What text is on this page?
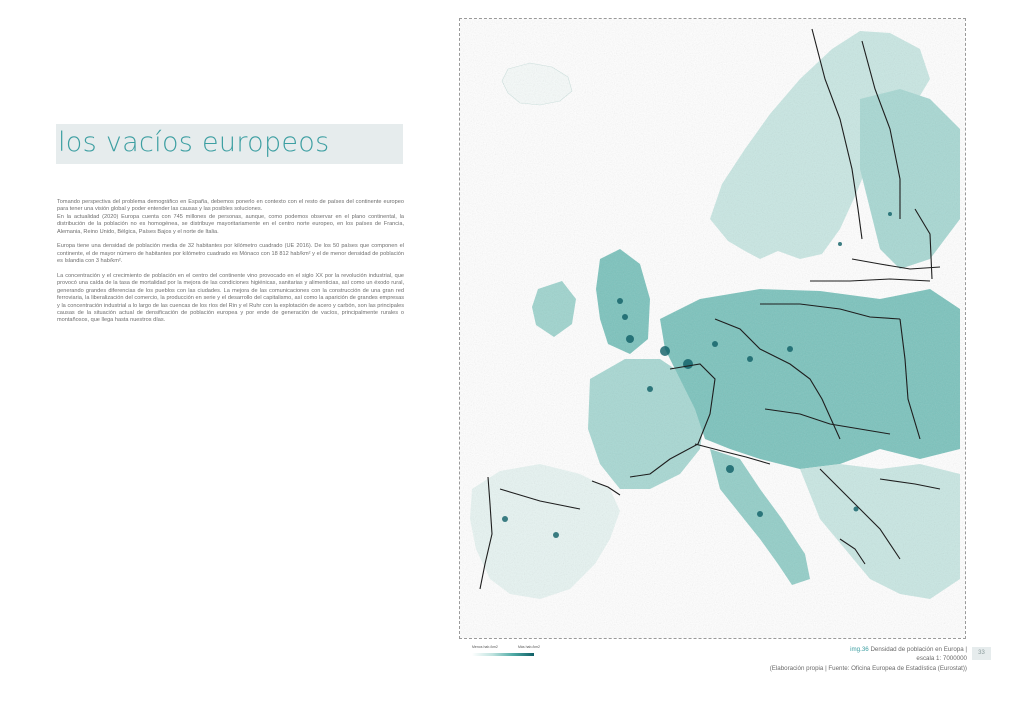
los vacíos europeos

Tomando perspectiva del problema demográfico en España, debemos ponerlo en contexto con el resto de países del continente europeo para tener una visión global y poder entender las causas y las posibles soluciones.
En la actualidad (2020) Europa cuenta con 745 millones de personas, aunque, como podemos observar en el plano continental, la distribución de la población no es homogénea, se distribuye mayoritariamente en el centro norte europeo, en los países de Francia, Alemania, Reino Unido, Bélgica, Países Bajos y el norte de Italia.

Europa tiene una densidad de población media de 32 habitantes por kilómetro cuadrado (UE 2016). De los 50 países que componen el continente, el de mayor número de habitantes por kilómetro cuadrado es Mónaco con 18 812 hab/km² y el de menor densidad de población es Islandia con 3 hab/km².

La concentración y el crecimiento de población en el centro del continente vino provocado en el siglo XX por la revolución industrial, que provocó una caída de la tasa de mortalidad por la mejora de las condiciones higiénicas, sanitarias y alimenticias, así como un éxodo rural, generando grandes diferencias de los pueblos con las ciudades. La mejora de las comunicaciones con la construcción de una gran red ferroviaria, la liberalización del comercio, la producción en serie y el desarrollo del capitalismo, así como la aparición de grandes empresas y la concentración industrial a lo largo de las cuencas de los ríos del Rin y el Ruhr con la explotación de acero y carbón, son las principales causas de la situación actual de densificación de población europea y por ende de generación de vacíos, principalmente rurales o montañosos, que llega hasta nuestros días.

Menos hab./km2	Más hab./km2	img.36 Densidad de población en Europa |
escala 1: 7000000
(Elaboración propia | Fuente: Oficina Europea de Estadística (Eurostat))
33
